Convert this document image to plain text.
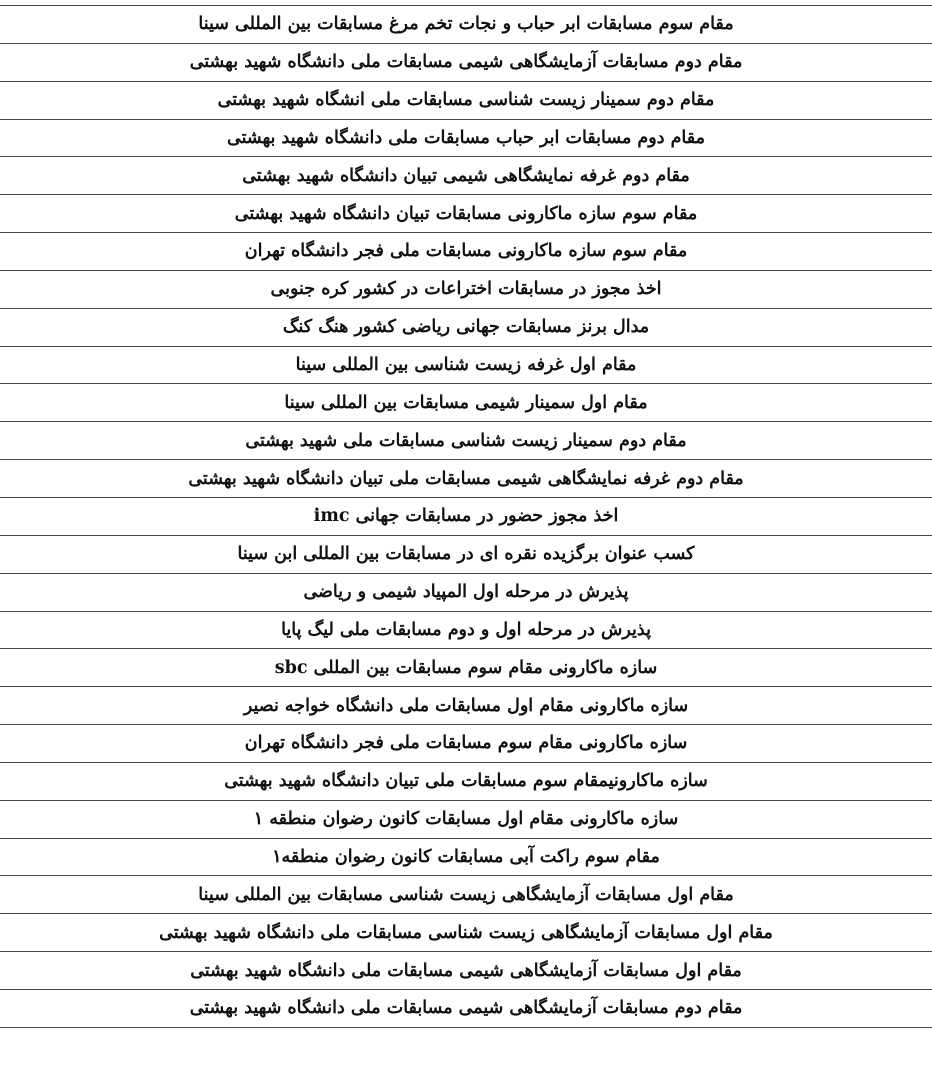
مقام سوم مسابقات ابر حباب و نجات تخم مرغ مسابقات بین المللی سینا
مقام دوم مسابقات آزمایشگاهی شیمی مسابقات ملی دانشگاه شهید بهشتی
مقام دوم سمینار زیست شناسی مسابقات ملی انشگاه شهید بهشتی
مقام دوم مسابقات ابر حباب مسابقات ملی دانشگاه شهید بهشتی
مقام دوم غرفه نمایشگاهی شیمی تبیان دانشگاه شهید بهشتی
مقام سوم سازه ماکارونی مسابقات تبیان دانشگاه شهید بهشتی
مقام سوم سازه ماکارونی مسابقات ملی فجر دانشگاه تهران
اخذ مجوز در مسابقات اختراعات در کشور کره جنوبی
مدال برنز مسابقات جهانی ریاضی کشور هنگ کنگ
مقام اول غرفه زیست شناسی بین المللی سینا
مقام اول سمینار شیمی مسابقات بین المللی سینا
مقام دوم سمینار زیست شناسی مسابقات ملی شهید بهشتی
مقام دوم غرفه نمایشگاهی شیمی مسابقات ملی تبیان دانشگاه شهید بهشتی
اخذ مجوز حضور در مسابقات جهانی imc
کسب عنوان برگزیده نقره ای در مسابقات بین المللی ابن سینا
پذیرش در مرحله اول المپیاد شیمی و ریاضی
پذیرش در مرحله اول و دوم مسابقات ملی لیگ پایا
سازه ماکارونی مقام سوم مسابقات بین المللی sbc
سازه ماکارونی مقام اول مسابقات ملی دانشگاه خواجه نصیر
سازه ماکارونی مقام سوم مسابقات ملی فجر دانشگاه تهران
سازه ماکارونیمقام سوم مسابقات ملی تبیان دانشگاه شهید بهشتی
سازه ماکارونی مقام اول مسابقات کانون رضوان منطقه ۱
مقام سوم راکت آبی مسابقات کانون رضوان منطقه۱
مقام اول مسابقات آزمایشگاهی زیست شناسی مسابقات بین المللی سینا
مقام اول مسابقات آزمایشگاهی زیست شناسی مسابقات ملی دانشگاه شهید بهشتی
مقام اول مسابقات آزمایشگاهی شیمی مسابقات ملی دانشگاه شهید بهشتی
مقام دوم مسابقات آزمایشگاهی شیمی مسابقات ملی دانشگاه شهید بهشتی
